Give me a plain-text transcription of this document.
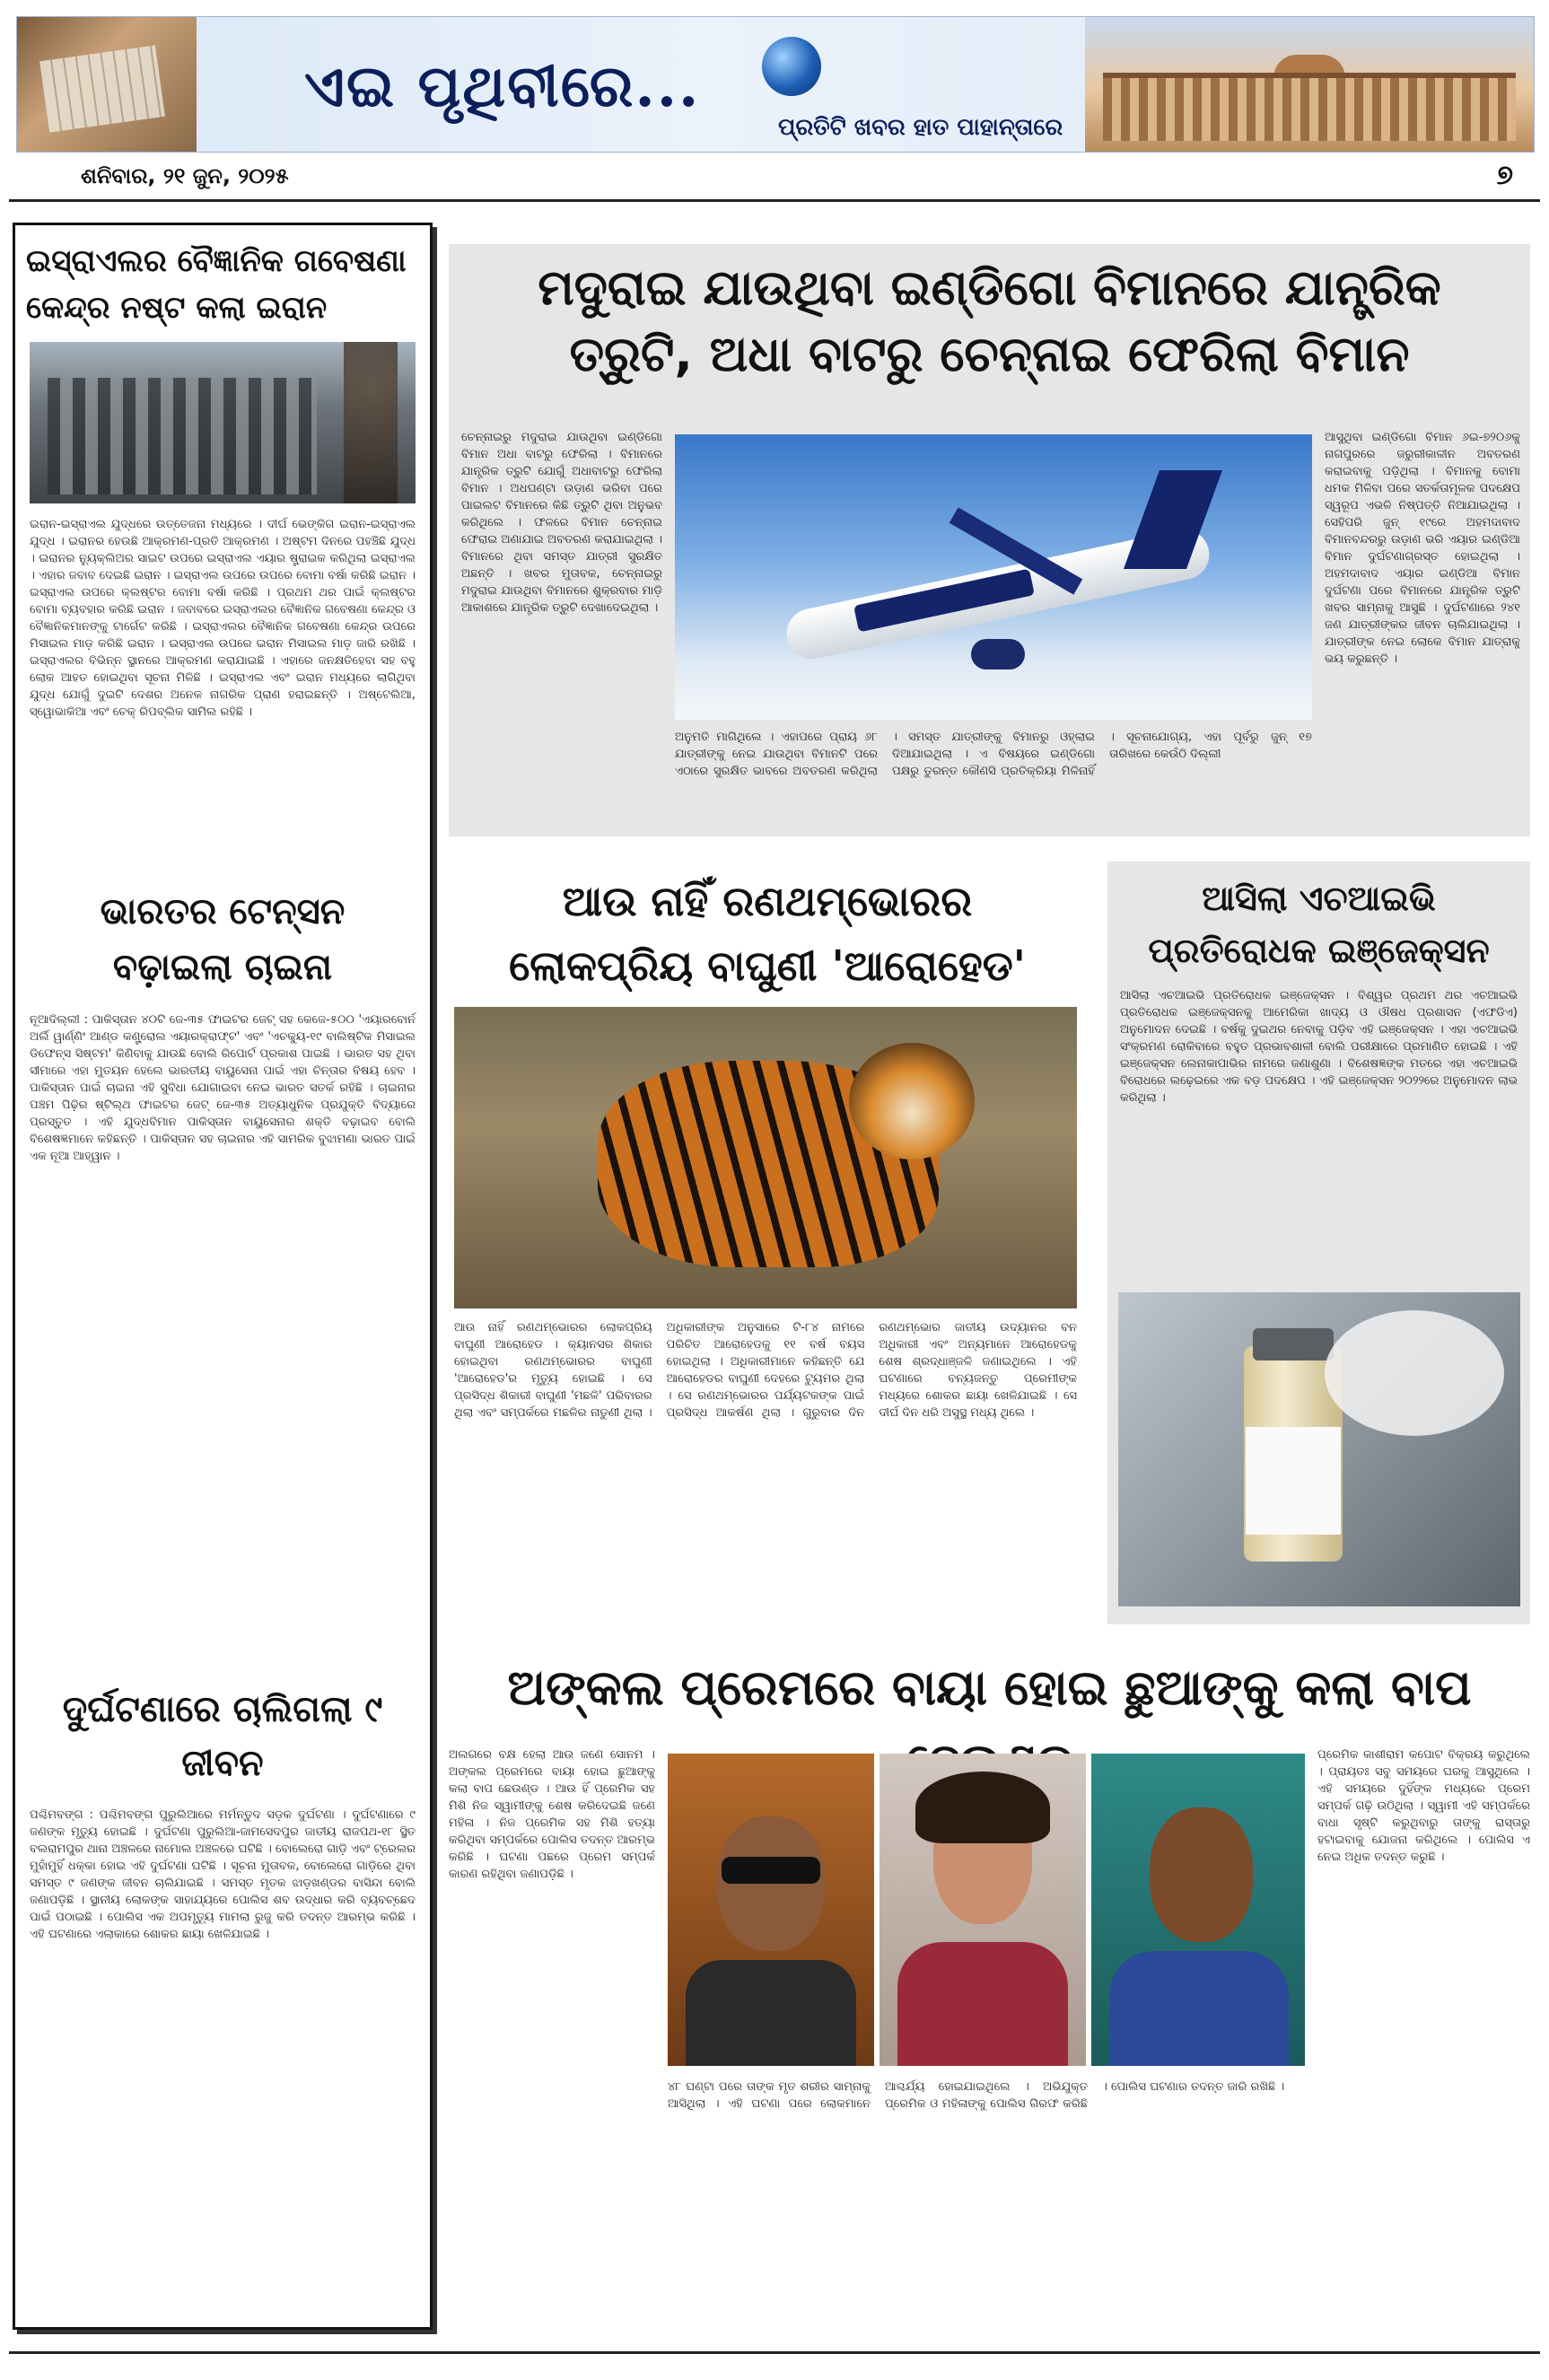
ଏଇ ପୃଥିବୀରେ...
ପ୍ରତିଟି ଖବର ହାତ ପାହାନ୍ତାରେ
ଶନିବାର, ୨୧ ଜୁନ, ୨୦୨୫	୭
ଇସ୍ରାଏଲର ବୈଜ୍ଞାନିକ ଗବେଷଣା କେନ୍ଦ୍ର ନଷ୍ଟ କଲା ଇରାନ
ଇରାନ-ଇସ୍ରାଏଲ ଯୁଦ୍ଧରେ ଉତ୍ତେଜନା ମଧ୍ୟରେ । ଦୀର୍ଘ ଭେଙ୍କିଗ ଇରାନ-ଇସ୍ରାଏଲ ଯୁଦ୍ଧ । ଇରାନର ହେଉଛି ଆକ୍ରମଣ-ପ୍ରତି ଆକ୍ରମଣ । ଅଷ୍ଟମ ଦିନରେ ପହଞ୍ଚିଛି ଯୁଦ୍ଧ । ଇରାନର ନ୍ୟୁକ୍ଲିଅର ସାଇଟ ଉପରେ ଇସ୍ରାଏଲ ଏୟାର ଷ୍ଟ୍ରାଇକ କରିଥିଲା ଇସ୍ରାଏଲ । ଏହାର ଜବାବ ଦେଇଛି ଇରାନ । ଇସ୍ରାଏଲ ଉପରେ ଉପରେ ବୋମା ବର୍ଷା କରିଛି ଇରାନ । ଇସ୍ରାଏଲ ଉପରେ କ୍ଲଷ୍ଟର ବୋମା ବର୍ଷା କରିଛି । ପ୍ରଥମ ଥର ପାଇଁ କ୍ଲଷ୍ଟର ବୋମା ବ୍ୟବହାର କରିଛି ଇରାନ । ଜବାବରେ ଇସ୍ରାଏଲର ବୈଜ୍ଞାନିକ ଗବେଷଣା କେନ୍ଦ୍ର ଓ ବୈଜ୍ଞାନିକମାନଙ୍କୁ ଟାର୍ଗେଟ କରିଛି । ଇସ୍ରାଏଲର ବୈଜ୍ଞାନିକ ଗବେଷଣା କେନ୍ଦ୍ର ଉପରେ ମିସାଇଲ ମାଡ଼ କରିଛି ଇରାନ । ଇସ୍ରାଏଲ ଉପରେ ଇରାନ ମିସାଇଲ ମାଡ଼ ଜାରି ରଖିଛି । ଇସ୍ରାଏଲର ବିଭିନ୍ନ ସ୍ଥାନରେ ଆକ୍ରମଣ କରାଯାଇଛି । ଏହାରେ ଜନକ୍ଷତିହେବା ସହ ବହୁ ଲୋକ ଆହତ ହୋଇଥିବା ସୂଚନା ମିଳିଛି । ଇସ୍ରାଏଲ ଏବଂ ଇରାନ ମଧ୍ୟରେ ଲାଗିଥିବା ଯୁଦ୍ଧ ଯୋଗୁଁ ଦୁଇଟି ଦେଶର ଅନେକ ନାଗରିକ ପ୍ରାଣ ହରାଇଛନ୍ତି । ଅଷ୍ଟେଲିଆ, ସ୍ୱୋଭାକିଆ ଏବଂ ଚେକ୍ ରିପବ୍ଲିକ ସାମିଲ ରହିଛି ।
ଭାରତର ଟେନ୍‌ସନ ବଢ଼ାଇଲା ଚାଇନା
ନୂଆଦିଲ୍ଲୀ : ପାକିସ୍ତାନ ୪୦ଟି ଜେ-୩୫ ଫାଇଟର ଜେଟ୍ ସହ କେଜେ-୫୦୦ 'ଏୟାରବୋର୍ନ ଅର୍ଲି ୱାର୍ଣ୍ଣିଂ ଆଣ୍ଡ କଣ୍ଟ୍ରୋଲ ଏୟାରକ୍ରାଫ୍ଟ' ଏବଂ 'ଏଚକ୍ୟୁ-୧୯ ବାଲିଷ୍ଟିକ ମିସାଇଲ ଡିଫେନ୍ସ ସିଷ୍ଟମ' କିଣିବାକୁ ଯାଉଛି ବୋଲି ରିପୋର୍ଟ ପ୍ରକାଶ ପାଇଛି । ଭାରତ ସହ ଥିବା ସୀମାରେ ଏହା ମୁତୟନ ହେଲେ ଭାରତୀୟ ବାୟୁସେନା ପାଇଁ ଏହା ଚିନ୍ତାର ବିଷୟ ହେବ । ପାକିସ୍ତାନ ପାଇଁ ଚାଇନା ଏହି ସୁବିଧା ଯୋଗାଇବା ନେଇ ଭାରତ ସତର୍କ ରହିଛି । ଚାଇନାର ପଞ୍ଚମ ପିଢ଼ିର ଷ୍ଟିଲ୍‌ଥ ଫାଇଟର ଜେଟ୍ ଜେ-୩୫ ଅତ୍ୟାଧୁନିକ ପ୍ରଯୁକ୍ତି ବିଦ୍ୟାରେ ପ୍ରସ୍ତୁତ । ଏହି ଯୁଦ୍ଧବିମାନ ପାକିସ୍ତାନ ବାୟୁସେନାର ଶକ୍ତି ବଢ଼ାଇବ ବୋଲି ବିଶେଷଜ୍ଞମାନେ କହିଛନ୍ତି । ପାକିସ୍ତାନ ସହ ଚାଇନାର ଏହି ସାମରିକ ବୁଝାମଣା ଭାରତ ପାଇଁ ଏକ ନୂଆ ଆହ୍ୱାନ ।
ଦୁର୍ଘଟଣାରେ ଚାଲିଗଲା ୯ ଜୀବନ
ପଶ୍ଚିମବଙ୍ଗ : ପଶ୍ଚିମବଙ୍ଗ ପୁରୁଲିଆରେ ମର୍ମନ୍ତୁଦ ସଡ଼କ ଦୁର୍ଘଟଣା । ଦୁର୍ଘଟଣାରେ ୯ ଜଣଙ୍କ ମୃତ୍ୟୁ ହୋଇଛି । ଦୁର୍ଘଟଣା ପୁରୁଲିଆ-ଜାମସେଦପୁର ଜାତୀୟ ରାଜପଥ-୧୮ ସ୍ଥିତ ବଲରାମପୁର ଥାନା ଅଞ୍ଚଳରେ ନାମୋଲ ଅଞ୍ଚଳରେ ଘଟିଛି । ବୋଲେରୋ ଗାଡ଼ି ଏବଂ ଟ୍ରେଲର ମୁହାଁମୁହିଁ ଧକ୍କା ହୋଇ ଏହି ଦୁର୍ଘଟଣା ଘଟିଛି । ସୂଚନା ମୁତାବକ, ବୋଲେରୋ ଗାଡ଼ିରେ ଥିବା ସମସ୍ତ ୯ ଜଣଙ୍କ ଜୀବନ ଚାଲିଯାଇଛି । ସମସ୍ତ ମୃତକ ଝାଡ଼ଖଣ୍ଡର ବାସିନ୍ଦା ବୋଲି ଜଣାପଡ଼ିଛି । ସ୍ଥାନୀୟ ଲୋକଙ୍କ ସାହାଯ୍ୟରେ ପୋଲିସ ଶବ ଉଦ୍ଧାର କରି ବ୍ୟବଚ୍ଛେଦ ପାଇଁ ପଠାଇଛି । ପୋଲିସ ଏକ ଅପମୃତ୍ୟୁ ମାମଲା ରୁଜୁ କରି ତଦନ୍ତ ଆରମ୍ଭ କରିଛି । ଏହି ଘଟଣାରେ ଏଲାକାରେ ଶୋକର ଛାୟା ଖେଳିଯାଇଛି ।
ମଦୁରାଇ ଯାଉଥିବା ଇଣ୍ଡିଗୋ ବିମାନରେ ଯାନ୍ତ୍ରିକ ତ୍ରୁଟି, ଅଧା ବାଟରୁ ଚେନ୍ନାଇ ଫେରିଲା ବିମାନ
ଚେନ୍ନାଇରୁ ମଦୁରାଇ ଯାଉଥିବା ଇଣ୍ଡିଗୋ ବିମାନ ଅଧା ବାଟରୁ ଫେରିଲା । ବିମାନରେ ଯାନ୍ତ୍ରିକ ତ୍ରୁଟି ଯୋଗୁଁ ଅଧାବାଟରୁ ଫେରିଲା ବିମାନ । ଅଧଘଣ୍ଟା ଉଡ଼ାଣ ଭରିବା ପରେ ପାଇଲଟ ବିମାନରେ କିଛି ତ୍ରୁଟି ଥିବା ଅନୁଭବ କରିଥିଲେ । ଫଳରେ ବିମାନ ଚେନ୍ନାଇ ଫେରାଇ ଅଣାଯାଇ ଅବତରଣ କରାଯାଇଥିଲା । ବିମାନରେ ଥିବା ସମସ୍ତ ଯାତ୍ରୀ ସୁରକ୍ଷିତ ଅଛନ୍ତି । ଖବର ମୁତାବକ, ଚେନ୍ନାଇରୁ ମଦୁରାଇ ଯାଉଥିବା ବିମାନରେ ଶୁକ୍ରବାର ମାଡ଼ି ଆକାଶରେ ଯାନ୍ତ୍ରିକ ତ୍ରୁଟି ଦେଖାଦେଇଥିଲା ।
ଅନୁମତି ମାଗିଥିଲେ । ଏହାପରେ ପ୍ରାୟ ୬୮ ଯାତ୍ରୀଙ୍କୁ ନେଇ ଯାଉଥିବା ବିମାନଟି ପରେ ଏଠାରେ ସୁରକ୍ଷିତ ଭାବରେ ଅବତରଣ କରିଥିଲା । ସମସ୍ତ ଯାତ୍ରୀଙ୍କୁ ବିମାନରୁ ଓହ୍ଲାଇ ଦିଆଯାଇଥିଲା । ଏ ବିଷୟରେ ଇଣ୍ଡିଗୋ ପକ୍ଷରୁ ତୁରନ୍ତ କୌଣସି ପ୍ରତିକ୍ରିୟା ମିଳିନାହିଁ । ସୂଚନାଯୋଗ୍ୟ, ଏହା ପୂର୍ବରୁ ଜୁନ୍ ୧୭ ତାରିଖରେ କେଉଁଠି ଦିଲ୍ଲୀ
ଆସୁଥିବା ଇଣ୍ଡିଗୋ ବିମାନ ୬ଇ-୭୨୦୬କୁ ନାଗପୁରରେ ଜରୁରୀକାଳୀନ ଅବତରଣ କରାଇବାକୁ ପଡ଼ିଥିଲା । ବିମାନକୁ ବୋମା ଧମକ ମିଳିବା ପରେ ସତର୍କତାମୂଳକ ପଦକ୍ଷେପ ସ୍ୱରୂପ ଏଭଳି ନିଷ୍ପତ୍ତି ନିଆଯାଇଥିଲା । ସେହିପରି ଜୁନ୍ ୧୯ରେ ଅହମଦାବାଦ ବିମାନବନ୍ଦରରୁ ଉଡ଼ାଣ ଭରି ଏୟାର ଇଣ୍ଡିଆ ବିମାନ ଦୁର୍ଘଟଣାଗ୍ରସ୍ତ ହୋଇଥିଲା । ଅହମଦାବାଦ ଏୟାର ଇଣ୍ଡିଆ ବିମାନ ଦୁର୍ଘଟଣା ପରେ ବିମାନରେ ଯାନ୍ତ୍ରିକ ତ୍ରୁଟି ଖବର ସାମ୍ନାକୁ ଆସୁଛି । ଦୁର୍ଘଟଣାରେ ୨୪୧ ଜଣ ଯାତ୍ରୀଙ୍କର ଜୀବନ ଚାଲିଯାଇଥିଲା । ଯାତ୍ରୀଙ୍କ ନେଇ ଲୋକେ ବିମାନ ଯାତ୍ରାକୁ ଭୟ କରୁଛନ୍ତି ।
ଆଉ ନାହିଁ ରଣଥମ୍ଭୋରର ଲୋକପ୍ରିୟ ବାଘୁଣୀ 'ଆରୋହେଡ'
ଆଉ ନାହିଁ ରଣଥମ୍ଭୋରର ଲୋକପ୍ରିୟ ବାଘୁଣୀ ଆରୋହେଡ । କ୍ୟାନସର ଶିକାର ହୋଇଥିବା ରଣଥମ୍ଭୋରର ବାଘୁଣୀ 'ଆରୋହେଡ'ର ମୃତ୍ୟୁ ହୋଇଛି । ସେ ପ୍ରସିଦ୍ଧ ଶିକାରୀ ବାଘୁଣୀ 'ମଛଳି' ପରିବାରର ଥିଲା ଏବଂ ସମ୍ପର୍କରେ ମଛଳିର ନାତୁଣୀ ଥିଲା । ଅଧିକାରୀଙ୍କ ଅନୁସାରେ ଟି-୮୪ ନାମରେ ପରିଚିତ ଆରୋହେଡକୁ ୧୧ ବର୍ଷ ବୟସ ହୋଇଥିଲା । ଅଧିକାରୀମାନେ କହିଛନ୍ତି ଯେ ଆରୋହେଡର ବାଘୁଣୀ ଦେହରେ ଟ୍ୟୁମର ଥିଲା । ସେ ରଣଥମ୍ଭୋରର ପର୍ଯ୍ୟଟକଙ୍କ ପାଇଁ ପ୍ରସିଦ୍ଧ ଆକର୍ଷଣ ଥିଲା । ଗୁରୁବାର ଦିନ ରଣଥମ୍ଭୋର ଜାତୀୟ ଉଦ୍ୟାନର ବନ ଅଧିକାରୀ ଏବଂ ଅନ୍ୟମାନେ ଆରୋହେଡକୁ ଶେଷ ଶ୍ରଦ୍ଧାଞ୍ଜଳି ଜଣାଇଥିଲେ । ଏହି ଘଟଣାରେ ବନ୍ୟଜନ୍ତୁ ପ୍ରେମୀଙ୍କ ମଧ୍ୟରେ ଶୋକର ଛାୟା ଖେଳିଯାଇଛି । ସେ ଦୀର୍ଘ ଦିନ ଧରି ଅସୁସ୍ଥ ମଧ୍ୟ ଥିଲେ ।
ଆସିଲା ଏଚଆଇଭି ପ୍ରତିରୋଧକ ଇଞ୍ଜେକ୍ସନ
ଆସିଲା ଏଚଆଇଭି ପ୍ରତିରୋଧକ ଇଞ୍ଜେକ୍ସନ । ବିଶ୍ୱର ପ୍ରଥମ ଥର ଏଚଆଇଭି ପ୍ରତିରୋଧକ ଇଞ୍ଜେକ୍ସନକୁ ଆମେରିକା ଖାଦ୍ୟ ଓ ଔଷଧ ପ୍ରଶାସନ (ଏଫଡିଏ) ଅନୁମୋଦନ ଦେଇଛି । ବର୍ଷକୁ ଦୁଇଥର ନେବାକୁ ପଡ଼ିବ ଏହି ଇଞ୍ଜେକ୍ସନ । ଏହା ଏଚଆଇଭି ସଂକ୍ରମଣ ରୋକିବାରେ ବହୁତ ପ୍ରଭାବଶାଳୀ ବୋଲି ପରୀକ୍ଷାରେ ପ୍ରମାଣିତ ହୋଇଛି । ଏହି ଇଞ୍ଜେକ୍ସନ ଲେନାକାପାଭିର ନାମରେ ଜଣାଶୁଣା । ବିଶେଷଜ୍ଞଙ୍କ ମତରେ ଏହା ଏଚଆଇଭି ବିରୋଧରେ ଲଢ଼େଇରେ ଏକ ବଡ଼ ପଦକ୍ଷେପ । ଏହି ଇଞ୍ଜେକ୍ସନ ୨୦୨୨ରେ ଅନୁମୋଦନ ଲାଭ କରିଥିଲା ।
ଅଙ୍କଲ ପ୍ରେମରେ ବାୟା ହୋଇ ଛୁଆଙ୍କୁ କଲା ବାପ
ଅଲଗରେ ବକ୍ଷ ହେଲା ଆଉ ଜଣେ ସୋନମ । ଅଙ୍କଲ ପ୍ରେମରେ ବାୟା ହୋଇ ଛୁଆଙ୍କୁ କଲା ବାପ ଛେଉଣ୍ଡ । ଆଉ ହିଁ ପ୍ରେମିକ ସହ ମିଶି ନିଜ ସ୍ୱାମୀଙ୍କୁ ଶେଷ କରିଦେଇଛି ଜଣେ ମହିଳା । ନିଜ ପ୍ରେମିକ ସହ ମିଶି ହତ୍ୟା କରିଥିବା ସମ୍ପର୍କରେ ପୋଲିସ ତଦନ୍ତ ଆରମ୍ଭ କରିଛି । ଘଟଣା ପଛରେ ପ୍ରେମ ସମ୍ପର୍କ କାରଣ ରହିଥିବା ଜଣାପଡ଼ିଛି ।
୪୮ ଘଣ୍ଟା ପରେ ତାଙ୍କ ମୃତ ଶରୀର ସାମ୍ନାକୁ ଆସିଥିଲା । ଏହି ଘଟଣା ପରେ ଲୋକମାନେ ଆଶ୍ଚର୍ଯ୍ୟ ହୋଇଯାଇଥିଲେ । ଅଭିଯୁକ୍ତ ପ୍ରେମିକ ଓ ମହିଳାଙ୍କୁ ପୋଲିସ ଗିରଫ କରିଛି । ପୋଲିସ ଘଟଣାର ତଦନ୍ତ ଜାରି ରଖିଛି ।
ପ୍ରେମିକ କାଶୀରାମ କପୋଟ ବିକ୍ରୟ କରୁଥିଲେ । ପ୍ରାୟତଃ ସବୁ ସମୟରେ ଘରକୁ ଆସୁଥିଲେ । ଏହି ସମୟରେ ଦୁହିଁଙ୍କ ମଧ୍ୟରେ ପ୍ରେମ ସମ୍ପର୍କ ଗଢ଼ି ଉଠିଥିଲା । ସ୍ୱାମୀ ଏହି ସମ୍ପର୍କରେ ବାଧା ସୃଷ୍ଟି କରୁଥିବାରୁ ତାଙ୍କୁ ରାସ୍ତାରୁ ହଟାଇବାକୁ ଯୋଜନା କରିଥିଲେ । ପୋଲିସ ଏ ନେଇ ଅଧିକ ତଦନ୍ତ କରୁଛି ।
